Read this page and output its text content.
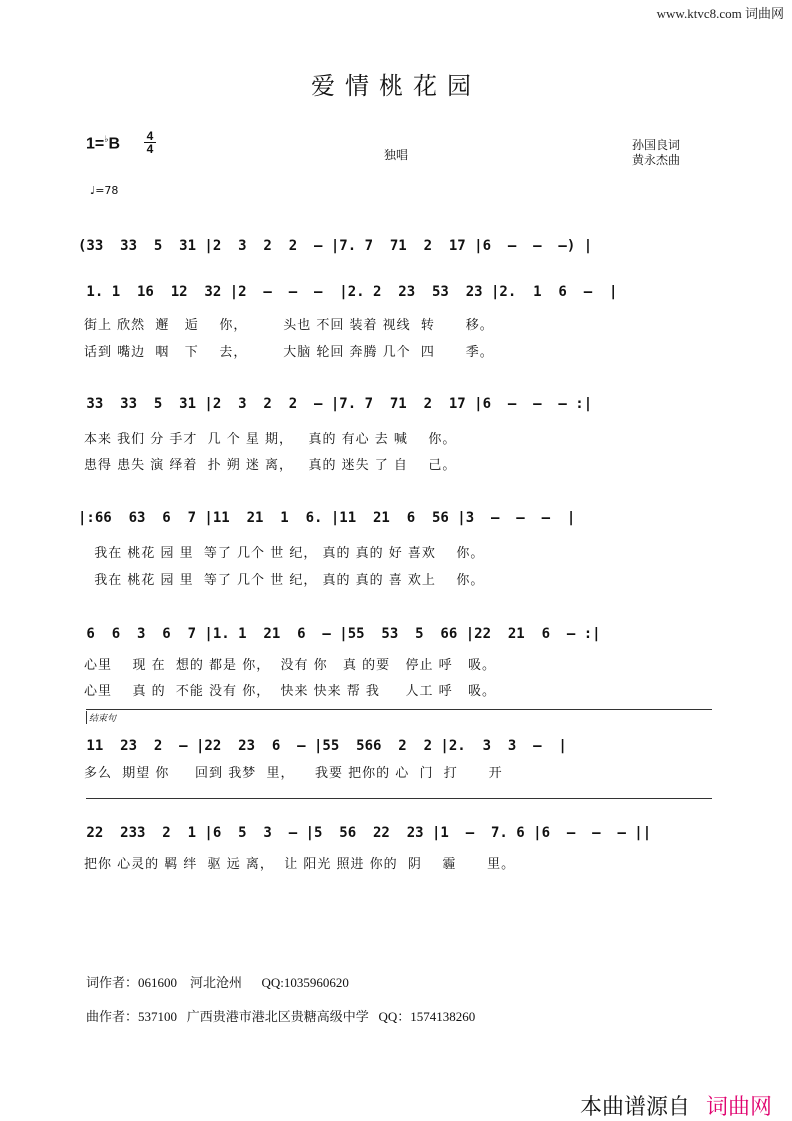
www.ktvc8.com 词曲网
爱情桃花园
1=♭B 4
4	独唱
孙国良词
黄永杰曲
♩=78
(33  33  5  31 |2  3  2  2  – |7. 7  71  2  17 |6  –  –  –) |
1. 1  16  12  32 |2  –  –  –  |2. 2  23  53  23 |2.  1  6  –  |
街上 欣然  邂   逅    你，       头也 不回 装着 视线  转      移。
话到 嘴边  咽   下    去，       大脑 轮回 奔腾 几个  四      季。
33  33  5  31 |2  3  2  2  – |7. 7  71  2  17 |6  –  –  – :|
本来 我们 分 手才  几 个 星 期，   真的 有心 去 喊    你。
患得 患失 演 绎着  扑 朔 迷 离，   真的 迷失 了 自    己。
|:66  63  6  7 |11  21  1  6. |11  21  6  56 |3  –  –  –  |
我在 桃花 园 里  等了 几个 世 纪， 真的 真的 好 喜欢    你。
我在 桃花 园 里  等了 几个 世 纪， 真的 真的 喜 欢上    你。
6  6  3  6  7 |1. 1  21  6  – |55  53  5  66 |22  21  6  – :|
心里    现 在  想的 都是 你，  没有 你   真 的要   停止 呼   吸。
心里    真 的  不能 没有 你，  快来 快来 帮 我     人工 呼   吸。
结束句
11  23  2  – |22  23  6  – |55  566  2  2 |2.  3  3  –  |
多么  期望 你     回到 我梦  里，    我要 把你的 心  门  打      开
22  233  2  1 |6  5  3  – |5  56  22  23 |1  –  7. 6 |6  –  –  – ||
把你 心灵的 羁 绊  驱 远 离，  让 阳光 照进 你的  阴    霾      里。
词作者：061600    河北沧州      QQ:1035960620
曲作者：537100   广西贵港市港北区贵糖高级中学   QQ：1574138260
本曲谱源自 词曲网
